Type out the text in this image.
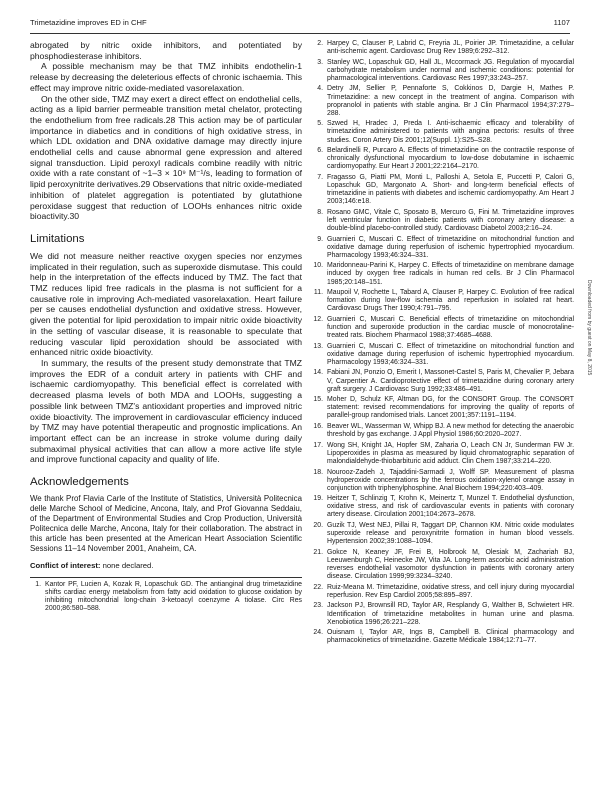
Trimetazidine improves ED in CHF	1107

abrogated by nitric oxide inhibitors, and potentiated by phosphodiesterase inhibitors.

A possible mechanism may be that TMZ inhibits endothelin-1 release by decreasing the deleterious effects of chronic ischaemia. This effect may improve nitric oxide-mediated vasorelaxation.

On the other side, TMZ may exert a direct effect on endothelial cells, acting as a lipid barrier permeable transition metal chelator, protecting the endothelium from free radicals.28 This action may be of particular importance in diabetics and in conditions of high oxidative stress, in which LDL oxidation and DNA oxidative damage may directly injure endothelial cells and cause abnormal gene expression and altered signal transduction. Lipid peroxyl radicals combine readily with nitric oxide with a rate constant of ~1–3 × 10⁹ M⁻¹/s, leading to formation of lipid peroxynitrite derivatives.29 Observations that nitric oxide-mediated inhibition of platelet aggregation is potentiated by glutathione peroxidase suggest that reduction of LOOHs enhances nitric oxide bioactivity.30

Limitations

We did not measure neither reactive oxygen species nor enzymes implicated in their regulation, such as superoxide dismutase. This could help in the interpretation of the effects induced by TMZ. The fact that TMZ reduces lipid free radicals in the plasma is not sufficient for a causative role in improving Ach-mediated vasorelaxation. Heart failure per se causes endothelial dysfunction and oxidative stress. However, given the potential for lipid peroxidation to impair nitric oxide bioactivity in the setting of vascular disease, it is reasonable to speculate that reducing vascular lipid peroxidation should be associated with enhanced nitric oxide bioactivity.

In summary, the results of the present study demonstrate that TMZ improves the EDR of a conduit artery in patients with CHF and ischaemic cardiomyopathy. This beneficial effect is correlated with decreased plasma levels of both MDA and LOOHs, suggesting a possible link between TMZ's antioxidant properties and improved nitric oxide bioactivity. The improvement in cardiovascular efficiency induced by TMZ may have potential therapeutic and prognostic implications. An important effect can be an increase in stroke volume during daily submaximal physical activities that can allow a more active life style and improve functional capacity and quality of life.

Acknowledgements

We thank Prof Flavia Carle of the Institute of Statistics, Università Politecnica delle Marche School of Medicine, Ancona, Italy, and Prof Giovanna Seddaiu, of the Department of Environmental Studies and Crop Production, Università Politecnica delle Marche, Ancona, Italy for their collaboration. The abstract in this article has been presented at the American Heart Association Scientific Sessions 11–14 November 2001, Anaheim, CA.

Conflict of interest: none declared.
1. Kantor PF, Lucien A, Kozak R, Lopaschuk GD. The antianginal drug trimetazidine shifts cardiac energy metabolism from fatty acid oxidation to glucose oxidation by inhibiting mitochondrial long-chain 3-ketoacyl coenzyme A tiolase. Circ Res 2000;86:580–588.
2. Harpey C, Clauser P, Labrid C, Freyria JL, Poirier JP. Trimetazidine, a cellular anti-ischemic agent. Cardiovasc Drug Rev 1989;6:292–312.
3. Stanley WC, Lopaschuk GD, Hall JL, Mccormack JG. Regulation of myocardial carbohydrate metabolism under normal and ischemic conditions: potential for pharmacological interventions. Cardiovasc Res 1997;33:243–257.
4. Detry JM, Sellier P, Pennaforte S, Cokkinos D, Dargie H, Mathes P. Trimetazidine: a new concept in the treatment of angina. Comparison with propranolol in patients with stable angina. Br J Clin Pharmacol 1994;37:279–288.
5. Szwed H, Hradec J, Preda I. Anti-ischaemic efficacy and tolerability of trimetazidine administered to patients with angina pectoris: results of three studies. Coron Artery Dis 2001;12(Suppl. 1):S25–S28.
6. Belardinelli R, Purcaro A. Effects of trimetazidine on the contractile response of chronically dysfunctional myocardium to low-dose dobutamine in ischaemic cardiomyopathy. Eur Heart J 2001;22:2164–2170.
7. Fragasso G, Piatti PM, Monti L, Palloshi A, Setola E, Puccetti P, Calori G, Lopaschuk GD, Margonato A. Short- and long-term beneficial effects of trimetazidine in patients with diabetes and ischemic cardiomyopathy. Am Heart J 2003;146:e18.
8. Rosano GMC, Vitale C, Sposato B, Mercuro G, Fini M. Trimetazidine improves left ventricular function in diabetic patients with coronary artery disease: a double-blind placebo-controlled study. Cardiovasc Diabetol 2003;2:16–24.
9. Guarnieri C, Muscari C. Effect of trimetazidine on mitochondrial function and oxidative damage during reperfusion of ischemic hypertrophied myocardium. Pharmacology 1993;46:324–331.
10. Maridonneau-Parini K, Harpey C. Effects of trimetazidine on membrane damage induced by oxygen free radicals in human red cells. Br J Clin Pharmacol 1985;20:148–151.
11. Maupoil V, Rochette L, Tabard A, Clauser P, Harpey C. Evolution of free radical formation during low-flow ischemia and reperfusion in isolated rat heart. Cardiovasc Drugs Ther 1990;4:791–795.
12. Guarnieri C, Muscari C. Beneficial effects of trimetazidine on mitochondrial function and superoxide production in the cardiac muscle of monocrotaline-treated rats. Biochem Pharmacol 1988;37:4685–4688.
13. Guarnieri C, Muscari C. Effect of trimetazidine on mitochondrial function and oxidative damage during reperfusion of ischemic hypertrophied myocardium. Pharmacology 1993;46:324–331.
14. Fabiani JN, Ponzio O, Emerit I, Massonet-Castel S, Paris M, Chevalier P, Jebara V, Carpentier A. Cardioprotective effect of trimetazidine during coronary artery graft surgery. J Cardiovasc Surg 1992;33:486–491.
15. Moher D, Schulz KF, Altman DG, for the CONSORT Group. The CONSORT statement: revised recommendations for improving the quality of reports of parallel-group randomised trials. Lancet 2001;357:1191–1194.
16. Beaver WL, Wasserman W, Whipp BJ. A new method for detecting the anaerobic threshold by gas exchange. J Appl Physiol 1986;60:2020–2027.
17. Wong SH, Knight JA, Hopfer SM, Zaharia O, Leach CN Jr, Sunderman FW Jr. Lipoperoxides in plasma as measured by liquid chromatographic separation of malondialdehyde-thiobarbituric acid adduct. Clin Chem 1987;33:214–220.
18. Nourooz-Zadeh J, Tajaddini-Sarmadi J, Wolff SP. Measurement of plasma hydroperoxide concentrations by the ferrous oxidation-xylenol orange assay in conjunction with triphenylphosphine. Anal Biochem 1994;220:403–409.
19. Heitzer T, Schlinzig T, Krohn K, Meinertz T, Munzel T. Endothelial dysfunction, oxidative stress, and risk of cardiovascular events in patients with coronary artery disease. Circulation 2001;104:2673–2678.
20. Guzik TJ, West NEJ, Pillai R, Taggart DP, Channon KM. Nitric oxide modulates superoxide release and peroxynitrite formation in human blood vessels. Hypertension 2002;39:1088–1094.
21. Gokce N, Keaney JF, Frei B, Holbrook M, Olesiak M, Zachariah BJ, Leeuwenburgh C, Heinecke JW, Vita JA. Long-term ascorbic acid administration reverses endothelial vasomotor dysfunction in patients with coronary artery disease. Circulation 1999;99:3234–3240.
22. Ruiz-Meana M. Trimetazidine, oxidative stress, and cell injury during myocardial reperfusion. Rev Esp Cardiol 2005;58:895–897.
23. Jackson PJ, Brownsill RD, Taylor AR, Resplandy G, Walther B, Schwietert HR. Identification of trimetazidine metabolites in human urine and plasma. Xenobiotica 1996;26:221–228.
24. Ouisnam I, Taylor AR, Ings B, Campbell B. Clinical pharmacology and pharmacokinetics of trimetazidine. Gazette Médicale 1984;12:71–77.
Downloaded from by guest on May 8, 2015
